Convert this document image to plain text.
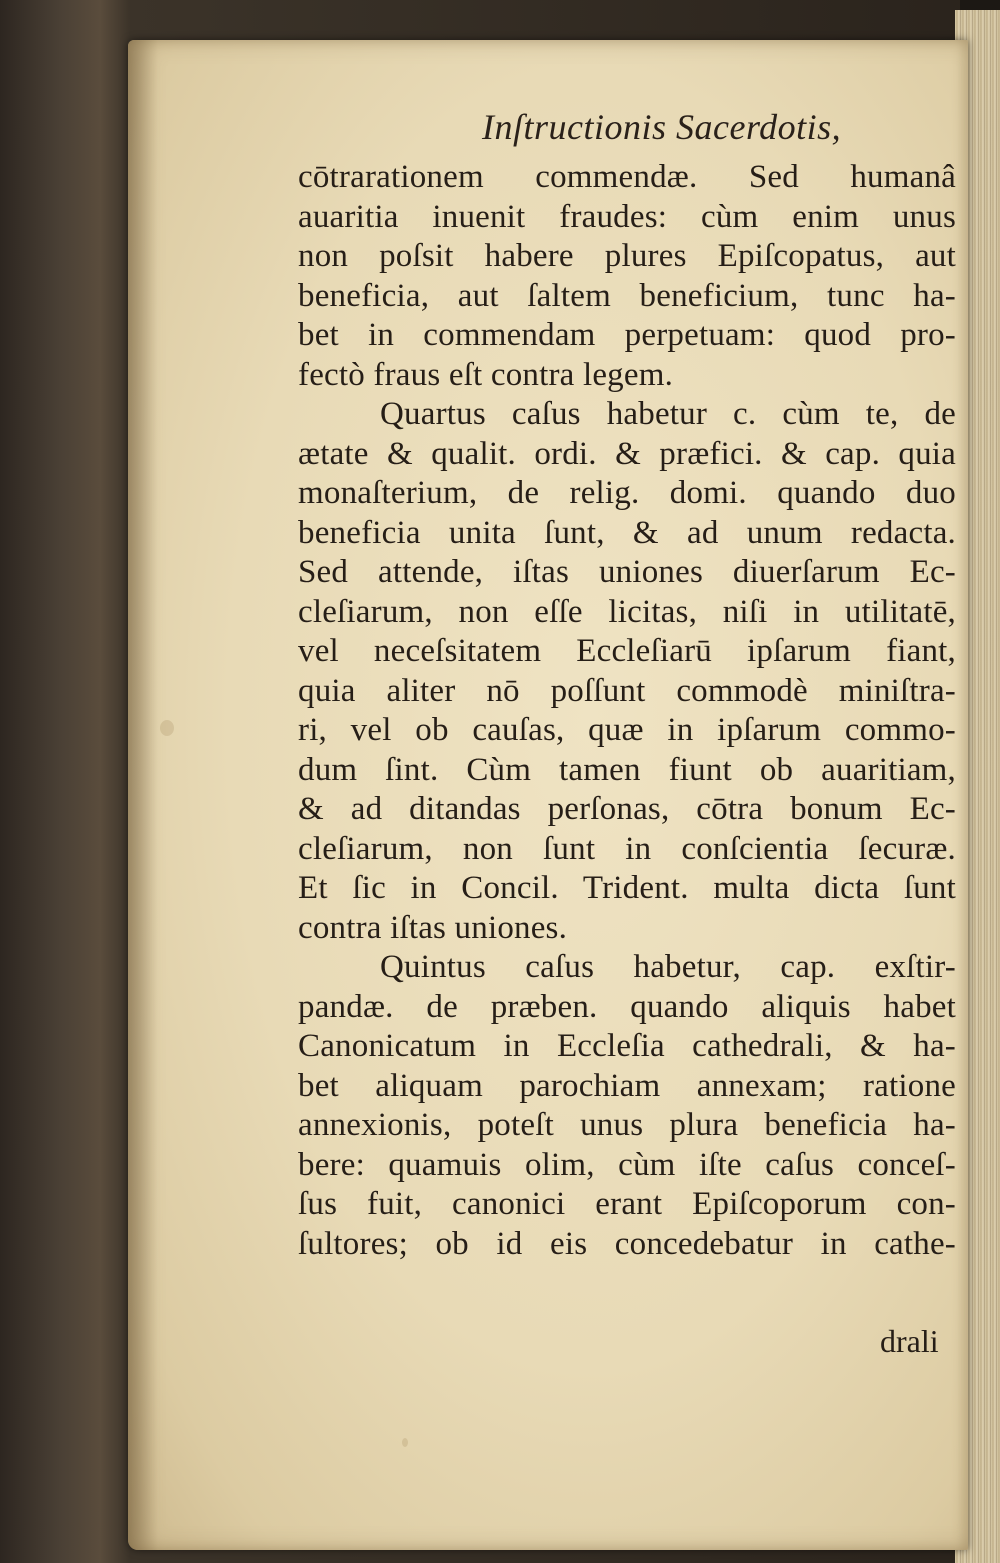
Inſtructionis Sacerdotis,
cōtrarationem commendæ. Sed humanâ
auaritia inuenit fraudes: cùm enim unus
non poſsit habere plures Epiſcopatus, aut
beneficia, aut ſaltem beneficium, tunc ha-
bet in commendam perpetuam: quod pro-
fectò fraus eſt contra legem.
Quartus caſus habetur c. cùm te, de
ætate & qualit. ordi. & præfici. & cap. quia
monaſterium, de relig. domi. quando duo
beneficia unita ſunt, & ad unum redacta.
Sed attende, iſtas uniones diuerſarum Ec-
cleſiarum, non eſſe licitas, niſi in utilitatē,
vel neceſsitatem Eccleſiarū ipſarum fiant,
quia aliter nō poſſunt commodè miniſtra-
ri, vel ob cauſas, quæ in ipſarum commo-
dum ſint. Cùm tamen fiunt ob auaritiam,
& ad ditandas perſonas, cōtra bonum Ec-
cleſiarum, non ſunt in conſcientia ſecuræ.
Et ſic in Concil. Trident. multa dicta ſunt
contra iſtas uniones.
Quintus caſus habetur, cap. exſtir-
pandæ. de præben. quando aliquis habet
Canonicatum in Eccleſia cathedrali, & ha-
bet aliquam parochiam annexam; ratione
annexionis, poteſt unus plura beneficia ha-
bere: quamuis olim, cùm iſte caſus conceſ-
ſus fuit, canonici erant Epiſcoporum con-
ſultores; ob id eis concedebatur in cathe-
drali
